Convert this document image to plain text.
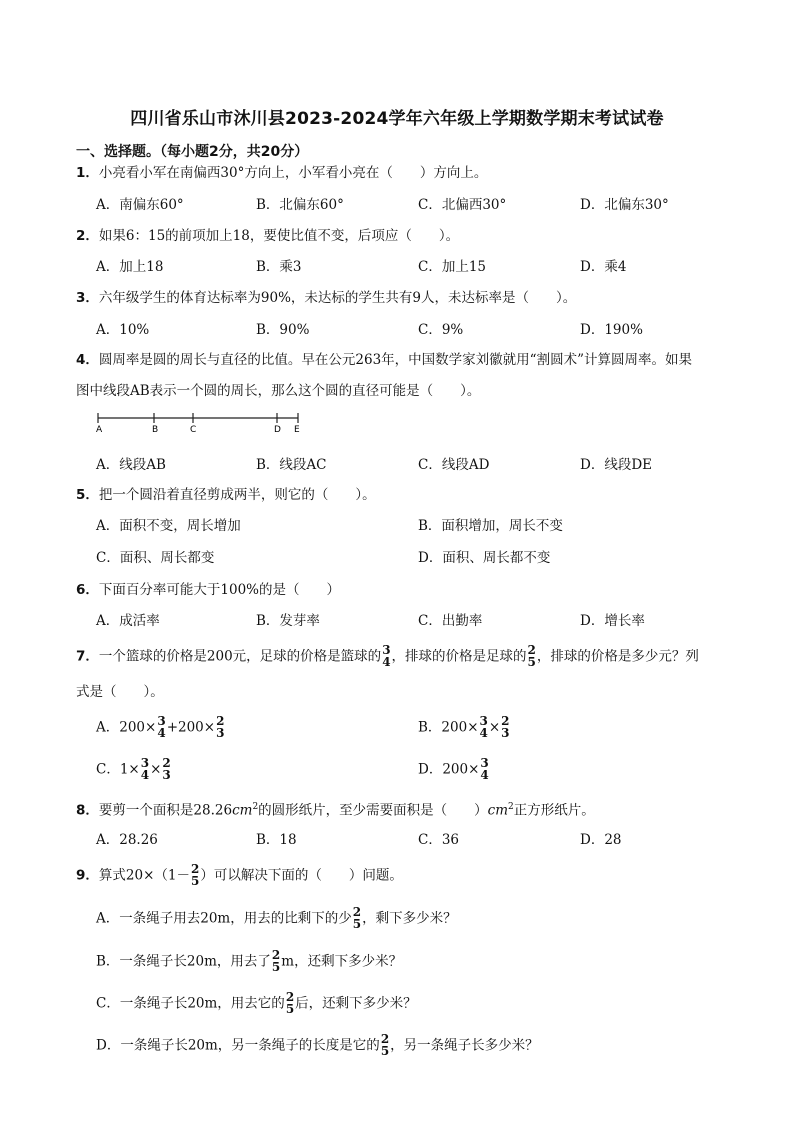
四川省乐山市沐川县2023-2024学年六年级上学期数学期末考试试卷
一、选择题。（每小题2分，共20分）
1．小亮看小军在南偏西30°方向上，小军看小亮在（　　）方向上。
A．南偏东60°	B．北偏东60°	C．北偏西30°	D．北偏东30°
2．如果6：15的前项加上18，要使比值不变，后项应（　　）。
A．加上18	B．乘3	C．加上15	D．乘4
3．六年级学生的体育达标率为90%，未达标的学生共有9人，未达标率是（　　）。
A．10%	B．90%	C．9%	D．190%
4．圆周率是圆的周长与直径的比值。早在公元263年，中国数学家刘徽就用“割圆术”计算圆周率。如果
图中线段AB表示一个圆的周长，那么这个圆的直径可能是（　　）。
A	B	C	D E
A．线段AB	B．线段AC	C．线段AD	D．线段DE
5．把一个圆沿着直径剪成两半，则它的（　　）。
A．面积不变，周长增加	B．面积增加，周长不变
C．面积、周长都变	D．面积、周长都不变
6．下面百分率可能大于100%的是（　　）
A．成活率	B．发芽率	C．出勤率	D．增长率
7．一个篮球的价格是200元，足球的价格是篮球的 3
4 ，排球的价格是足球的 2
5 ，排球的价格是多少元？列
式是（　　）。
A．200× 3
4 +200× 2
3	B．200× 3
4 × 2
3
C．1× 3
4 × 2
3	D．200× 3
4
8．要剪一个面积是$28.26cm^2$的圆形纸片，至少需要面积是（　　）$cm^2$正方形纸片。
A．28.26	B．18	C．36	D．28
9．算式20×（1－ 2
5 ）可以解决下面的（　　）问题。
A．一条绳子用去20m，用去的比剩下的少 2
5 ，剩下多少米？
B．一条绳子长20m，用去了 2
5 m，还剩下多少米？
C．一条绳子长20m，用去它的 2
5 后，还剩下多少米？
D．一条绳子长20m，另一条绳子的长度是它的 2
5 ，另一条绳子长多少米？
